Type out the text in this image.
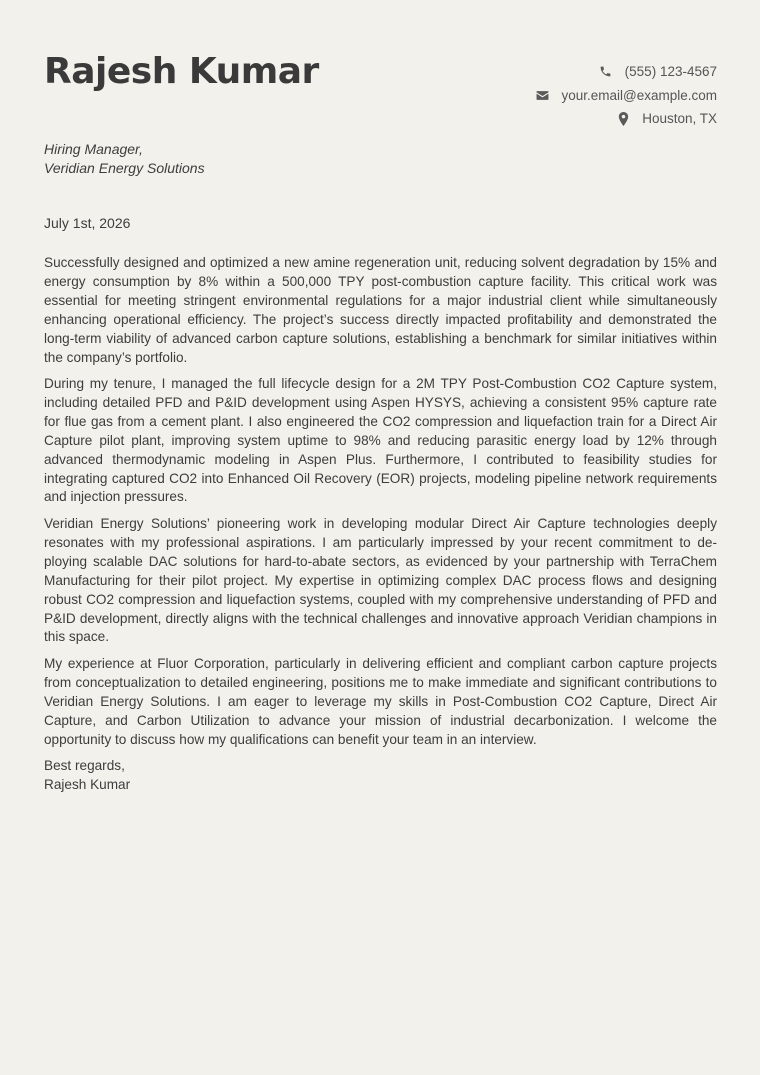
Rajesh Kumar	(555) 123-4567
your.email@example.com
Houston, TX
Hiring Manager,
Veridian Energy Solutions
July 1st, 2026

Successfully designed and optimized a new amine regeneration unit, reducing solvent degradation by 15% and energy consumption by 8% within a 500,000 TPY post-combustion capture facility. This critical work was essential for meeting stringent environmental regulations for a major industrial client while simultaneously enhancing operational efficiency. The project’s success directly impacted profitability and demonstrated the long-term viability of advanced carbon capture solutions, establishing a benchmark for similar initiatives within the company’s portfolio.

During my tenure, I managed the full lifecycle design for a 2M TPY Post-Combustion CO2 Capture system, including detailed PFD and P&ID development using Aspen HYSYS, achieving a consistent 95% capture rate for flue gas from a cement plant. I also engineered the CO2 compression and liquefaction train for a Direct Air Capture pilot plant, improving system uptime to 98% and reducing parasitic energy load by 12% through advanced thermodynamic modeling in Aspen Plus. Furthermore, I contributed to feasibility studies for integrating captured CO2 into Enhanced Oil Recovery (EOR) projects, modeling pipeline network requirements and injection pressures.

Veridian Energy Solutions’ pioneering work in developing modular Direct Air Capture technologies deeply resonates with my professional aspirations. I am particularly impressed by your recent commitment to de-ploying scalable DAC solutions for hard-to-abate sectors, as evidenced by your partnership with TerraChem Manufacturing for their pilot project. My expertise in optimizing complex DAC process flows and designing robust CO2 compression and liquefaction systems, coupled with my comprehensive understanding of PFD and P&ID development, directly aligns with the technical challenges and innovative approach Veridian champions in this space.

My experience at Fluor Corporation, particularly in delivering efficient and compliant carbon capture projects from conceptualization to detailed engineering, positions me to make immediate and significant contributions to Veridian Energy Solutions. I am eager to leverage my skills in Post-Combustion CO2 Capture, Direct Air Capture, and Carbon Utilization to advance your mission of industrial decarbonization. I welcome the opportunity to discuss how my qualifications can benefit your team in an interview.

Best regards,
Rajesh Kumar
